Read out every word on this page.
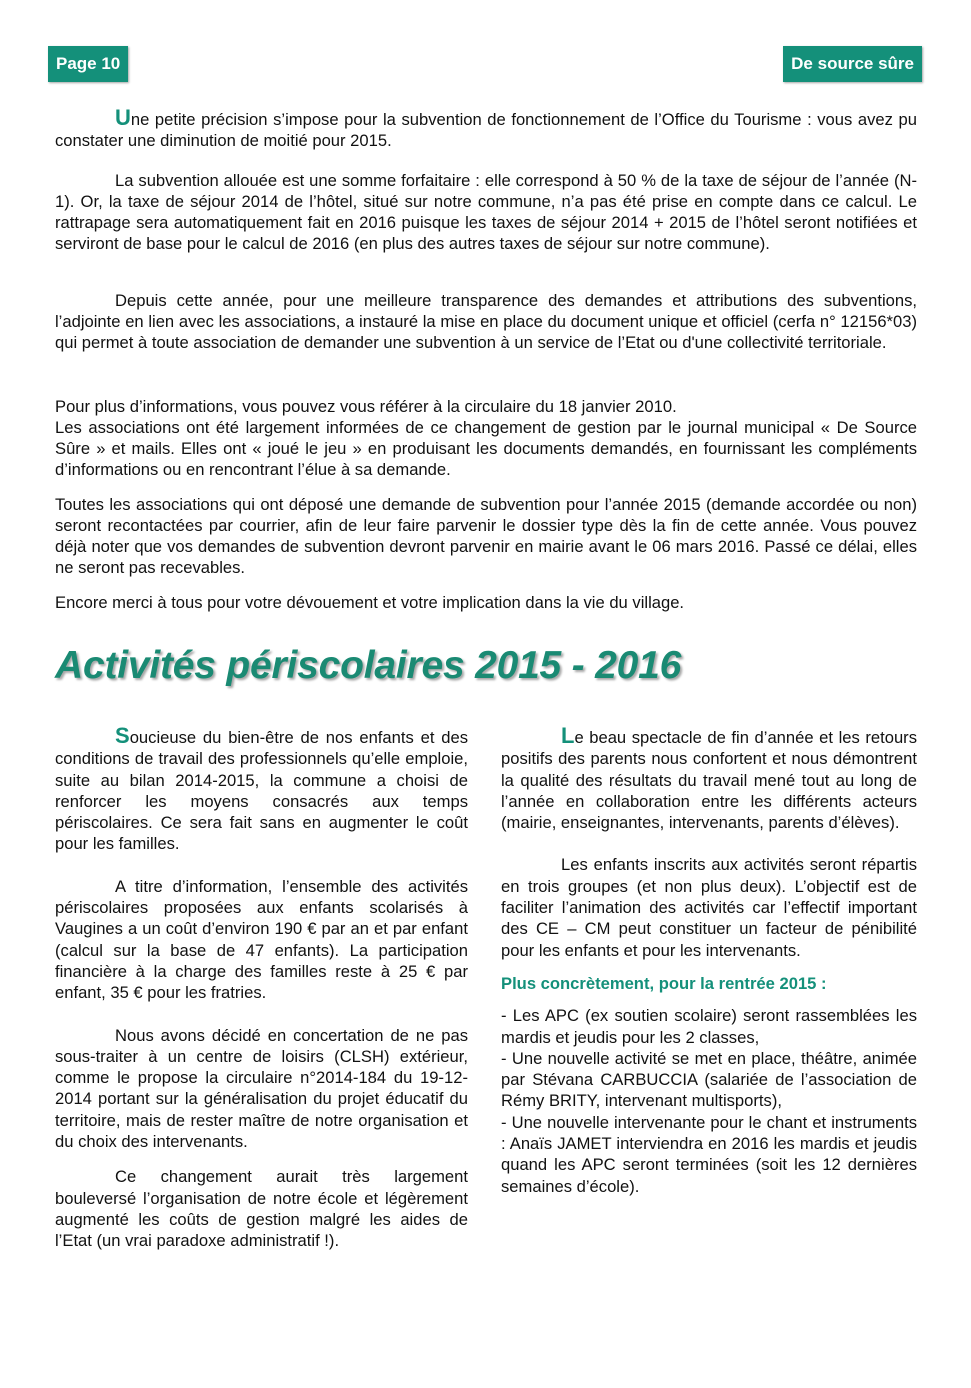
Page 10	De source sûre

Une petite précision s’impose pour la subvention de fonctionnement de l’Office du Tourisme : vous avez pu constater une diminution de moitié pour 2015.

La subvention allouée est une somme forfaitaire : elle correspond à 50 % de la taxe de séjour de l’année (N-1). Or, la taxe de séjour 2014 de l’hôtel, situé sur notre commune, n’a pas été prise en compte dans ce calcul. Le rattrapage sera automatiquement fait en 2016 puisque les taxes de séjour 2014 + 2015 de l’hôtel seront notifiées et serviront de base pour le calcul de 2016 (en plus des autres taxes de séjour sur notre commune).

Depuis cette année, pour une meilleure transparence des demandes et attributions des subventions, l’adjointe en lien avec les associations, a instauré la mise en place du document unique et officiel (cerfa n° 12156*03) qui permet à toute association de demander une subvention à un service de l’Etat ou d'une collectivité territoriale.

Pour plus d’informations, vous pouvez vous référer à la circulaire du 18 janvier 2010.

Les associations ont été largement informées de ce changement de gestion par le journal municipal « De Source Sûre » et mails. Elles ont « joué le jeu » en produisant les documents demandés, en fournissant les compléments d’informations ou en rencontrant l’élue à sa demande.

Toutes les associations qui ont déposé une demande de subvention pour l’année 2015 (demande accordée ou non) seront recontactées par courrier, afin de leur faire parvenir le dossier type dès la fin de cette année. Vous pouvez déjà noter que vos demandes de subvention devront parvenir en mairie avant le 06 mars 2016. Passé ce délai, elles ne seront pas recevables.

Encore merci à tous pour votre dévouement et votre implication dans la vie du village.

Activités périscolaires 2015 - 2016

Soucieuse du bien-être de nos enfants et des conditions de travail des professionnels qu’elle emploie, suite au bilan 2014-2015, la commune a choisi de renforcer les moyens consacrés aux temps périscolaires. Ce sera fait sans en augmenter le coût pour les familles.

A titre d’information, l’ensemble des activités périscolaires proposées aux enfants scolarisés à Vaugines a un coût d’environ 190 € par an et par enfant (calcul sur la base de 47 enfants). La participation financière à la charge des familles reste à 25 € par enfant, 35 € pour les fratries.

Nous avons décidé en concertation de ne pas sous-traiter à un centre de loisirs (CLSH) extérieur, comme le propose la circulaire n°2014-184 du 19-12-2014 portant sur la généralisation du projet éducatif du territoire, mais de rester maître de notre organisation et du choix des intervenants.

Ce changement aurait très largement bouleversé l’organisation de notre école et légèrement augmenté les coûts de gestion malgré les aides de l’Etat (un vrai paradoxe administratif !).

Le beau spectacle de fin d’année et les retours positifs des parents nous confortent et nous démontrent la qualité des résultats du travail mené tout au long de l’année en collaboration entre les différents acteurs (mairie, enseignantes, intervenants, parents d’élèves).

Les enfants inscrits aux activités seront répartis en trois groupes (et non plus deux). L’objectif est de faciliter l’animation des activités car l’effectif important des CE – CM peut constituer un facteur de pénibilité pour les enfants et pour les intervenants.

Plus concrètement, pour la rentrée 2015 :

- Les APC (ex soutien scolaire) seront rassemblées les mardis et jeudis pour les 2 classes,

- Une nouvelle activité se met en place, théâtre, animée par Stévana CARBUCCIA (salariée de l’association de Rémy BRITY, intervenant multisports),

- Une nouvelle intervenante pour le chant et instruments : Anaïs JAMET interviendra en 2016 les mardis et jeudis quand les APC seront terminées (soit les 12 dernières semaines d’école).
